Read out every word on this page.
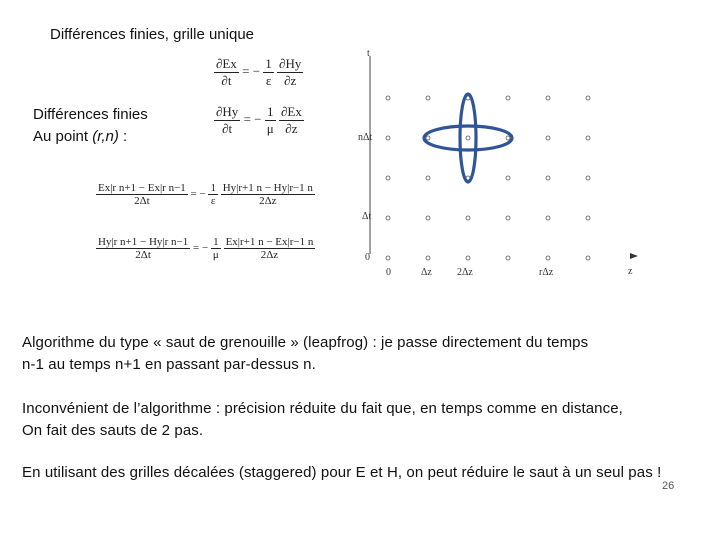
Différences finies, grille unique
Différences finies
Au point (r,n) :
$\frac{\partial Ex}{\partial t}$ = − $\frac{1}{\varepsilon}$
$\frac{\partial Hy}{\partial z}$
$\frac{\partial Hy}{\partial t}$ = − $\frac{1}{\mu}$
$\frac{\partial Ex}{\partial z}$
$\frac{\text{Ex|r n+1 − Ex|r n−1}}{2\Delta t}$ = − $\frac{1}{\varepsilon}$
$\frac{Hy|r+1 n - Hy|r-1 n}{2\Delta z}$
$\frac{\text{Hy|r n+1 − Hy|r n−1}}{2\Delta t}$ = − $\frac{1}{\mu}$
$\frac{Ex|r+1 n - Ex|r-1 n}{2\Delta z}$
t
z
nΔt
Δt
0
0	Δz	2Δz	rΔz
Algorithme du type « saut de grenouille » (leapfrog) : je passe directement du temps
n-1 au temps n+1 en passant par-dessus n.
Inconvénient de l’algorithme : précision réduite du fait que, en temps comme en distance,
On fait des sauts de 2 pas.
En utilisant des grilles décalées (staggered) pour E et H, on peut réduire le saut à un seul pas !
26
